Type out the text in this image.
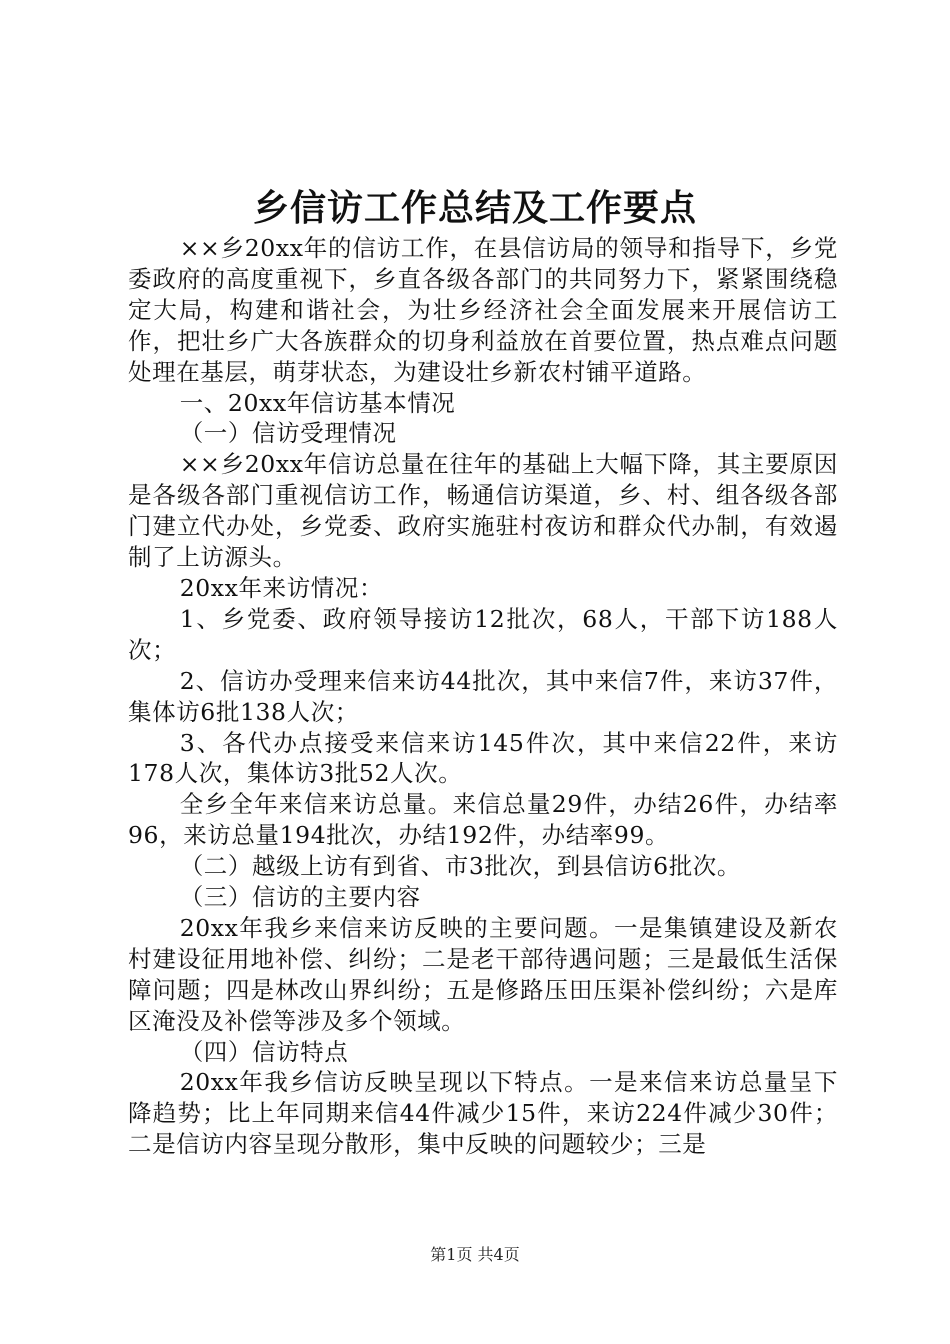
乡信访工作总结及工作要点

××乡20xx年的信访工作，在县信访局的领导和指导下，乡党委政府的高度重视下，乡直各级各部门的共同努力下，紧紧围绕稳定大局，构建和谐社会，为壮乡经济社会全面发展来开展信访工作，把壮乡广大各族群众的切身利益放在首要位置，热点难点问题处理在基层，萌芽状态，为建设壮乡新农村铺平道路。

一、20xx年信访基本情况

（一）信访受理情况

××乡20xx年信访总量在往年的基础上大幅下降，其主要原因是各级各部门重视信访工作，畅通信访渠道，乡、村、组各级各部门建立代办处，乡党委、政府实施驻村夜访和群众代办制，有效遏制了上访源头。

20xx年来访情况：

1、乡党委、政府领导接访12批次，68人，干部下访188人次；

2、信访办受理来信来访44批次，其中来信7件，来访37件，集体访6批138人次；

3、各代办点接受来信来访145件次，其中来信22件，来访178人次，集体访3批52人次。

全乡全年来信来访总量。来信总量29件，办结26件，办结率96，来访总量194批次，办结192件，办结率99。

（二）越级上访有到省、市3批次，到县信访6批次。

（三）信访的主要内容

20xx年我乡来信来访反映的主要问题。一是集镇建设及新农村建设征用地补偿、纠纷；二是老干部待遇问题；三是最低生活保障问题；四是林改山界纠纷；五是修路压田压渠补偿纠纷；六是库区淹没及补偿等涉及多个领域。

（四）信访特点

20xx年我乡信访反映呈现以下特点。一是来信来访总量呈下降趋势；比上年同期来信44件减少15件，来访224件减少30件；二是信访内容呈现分散形，集中反映的问题较少；三是

第1页 共4页
